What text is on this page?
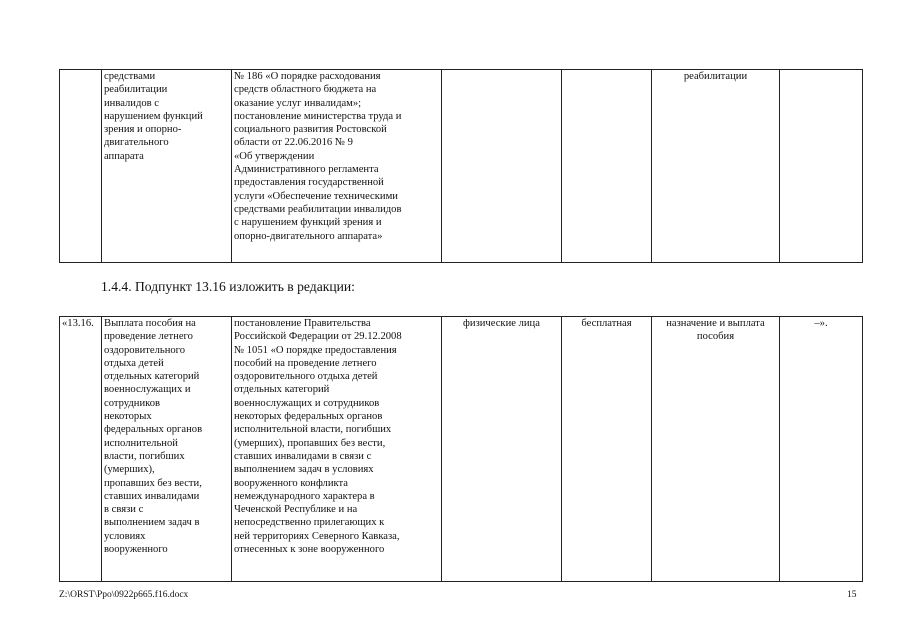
	средствами
реабилитации
инвалидов с
нарушением функций
зрения и опорно-
двигательного
аппарата	№ 186 «О порядке расходования
средств областного бюджета на
оказание услуг инвалидам»;
постановление министерства труда и
социального развития Ростовской
области от 22.06.2016 № 9
«Об утверждении
Административного регламента
предоставления государственной
услуги «Обеспечение техническими
средствами реабилитации инвалидов
с нарушением функций зрения и
опорно-двигательного аппарата»			реабилитации	

1.4.4. Подпункт 13.16 изложить в редакции:

«13.16.	Выплата пособия на
проведение летнего
оздоровительного
отдыха детей
отдельных категорий
военнослужащих и
сотрудников
некоторых
федеральных органов
исполнительной
власти, погибших
(умерших),
пропавших без вести,
ставших инвалидами
в связи с
выполнением задач в
условиях
вооруженного	постановление Правительства
Российской Федерации от 29.12.2008
№ 1051 «О порядке предоставления
пособий на проведение летнего
оздоровительного отдыха детей
отдельных категорий
военнослужащих и сотрудников
некоторых федеральных органов
исполнительной власти, погибших
(умерших), пропавших без вести,
ставших инвалидами в связи с
выполнением задач в условиях
вооруженного конфликта
немеждународного характера в
Чеченской Республике и на
непосредственно прилегающих к
ней территориях Северного Кавказа,
отнесенных к зоне вооруженного	физические лица	бесплатная	назначение и выплата
пособия	–».
Z:\ORST\Ppo\0922p665.f16.docx	15
